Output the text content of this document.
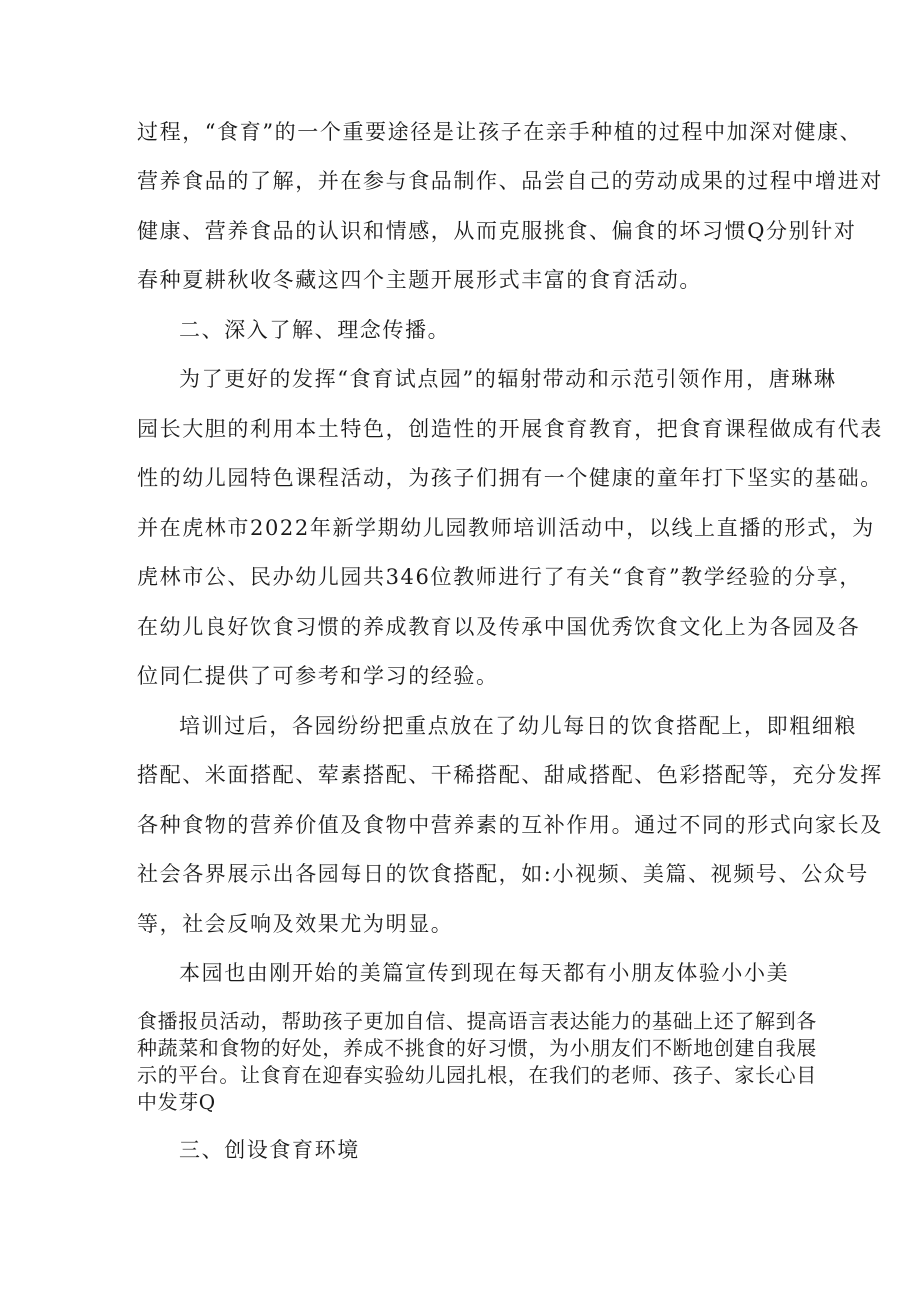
过程，“食育”的一个重要途径是让孩子在亲手种植的过程中加深对健康、
营养食品的了解，并在参与食品制作、品尝自己的劳动成果的过程中增进对
健康、营养食品的认识和情感，从而克服挑食、偏食的坏习惯Q分别针对
春种夏耕秋收冬藏这四个主题开展形式丰富的食育活动。
二、深入了解、理念传播。
为了更好的发挥“食育试点园”的辐射带动和示范引领作用，唐琳琳
园长大胆的利用本土特色，创造性的开展食育教育，把食育课程做成有代表
性的幼儿园特色课程活动，为孩子们拥有一个健康的童年打下坚实的基础。
并在虎林市2022年新学期幼儿园教师培训活动中，以线上直播的形式，为
虎林市公、民办幼儿园共346位教师进行了有关“食育”教学经验的分享，
在幼儿良好饮食习惯的养成教育以及传承中国优秀饮食文化上为各园及各
位同仁提供了可参考和学习的经验。
培训过后，各园纷纷把重点放在了幼儿每日的饮食搭配上，即粗细粮
搭配、米面搭配、荤素搭配、干稀搭配、甜咸搭配、色彩搭配等，充分发挥
各种食物的营养价值及食物中营养素的互补作用。通过不同的形式向家长及
社会各界展示出各园每日的饮食搭配，如:小视频、美篇、视频号、公众号
等，社会反响及效果尤为明显。
本园也由刚开始的美篇宣传到现在每天都有小朋友体验小小美
食播报员活动，帮助孩子更加自信、提高语言表达能力的基础上还了解到各
种蔬菜和食物的好处，养成不挑食的好习惯，为小朋友们不断地创建自我展
示的平台。让食育在迎春实验幼儿园扎根，在我们的老师、孩子、家长心目
中发芽Q
三、创设食育环境
